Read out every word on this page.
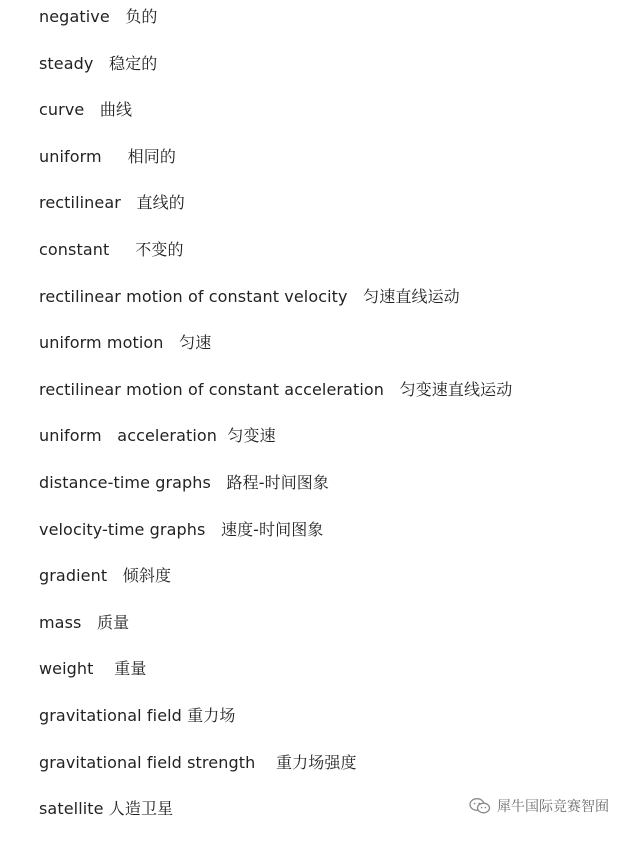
negative   负的
steady   稳定的
curve   曲线
uniform     相同的
rectilinear   直线的
constant     不变的
rectilinear motion of constant velocity   匀速直线运动
uniform motion   匀速
rectilinear motion of constant acceleration   匀变速直线运动
uniform   acceleration  匀变速
distance-time graphs   路程-时间图象
velocity-time graphs   速度-时间图象
gradient   倾斜度
mass   质量
weight    重量
gravitational field 重力场
gravitational field strength    重力场强度
satellite 人造卫星	犀牛国际竞赛智囿
